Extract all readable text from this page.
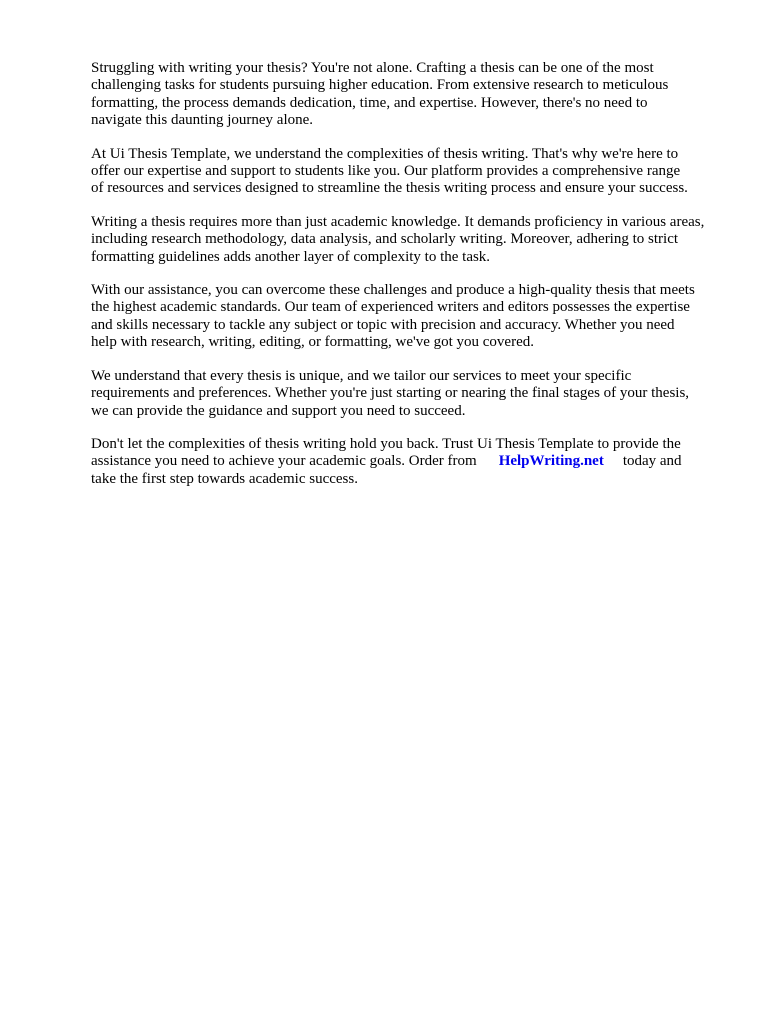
Struggling with writing your thesis? You're not alone. Crafting a thesis can be one of the most
challenging tasks for students pursuing higher education. From extensive research to meticulous
formatting, the process demands dedication, time, and expertise. However, there's no need to
navigate this daunting journey alone.

At Ui Thesis Template, we understand the complexities of thesis writing. That's why we're here to
offer our expertise and support to students like you. Our platform provides a comprehensive range
of resources and services designed to streamline the thesis writing process and ensure your success.

Writing a thesis requires more than just academic knowledge. It demands proficiency in various areas,
including research methodology, data analysis, and scholarly writing. Moreover, adhering to strict
formatting guidelines adds another layer of complexity to the task.

With our assistance, you can overcome these challenges and produce a high-quality thesis that meets
the highest academic standards. Our team of experienced writers and editors possesses the expertise
and skills necessary to tackle any subject or topic with precision and accuracy. Whether you need
help with research, writing, editing, or formatting, we've got you covered.

We understand that every thesis is unique, and we tailor our services to meet your specific
requirements and preferences. Whether you're just starting or nearing the final stages of your thesis,
we can provide the guidance and support you need to succeed.

Don't let the complexities of thesis writing hold you back. Trust Ui Thesis Template to provide the
assistance you need to achieve your academic goals. Order from HelpWriting.net today and
take the first step towards academic success.
